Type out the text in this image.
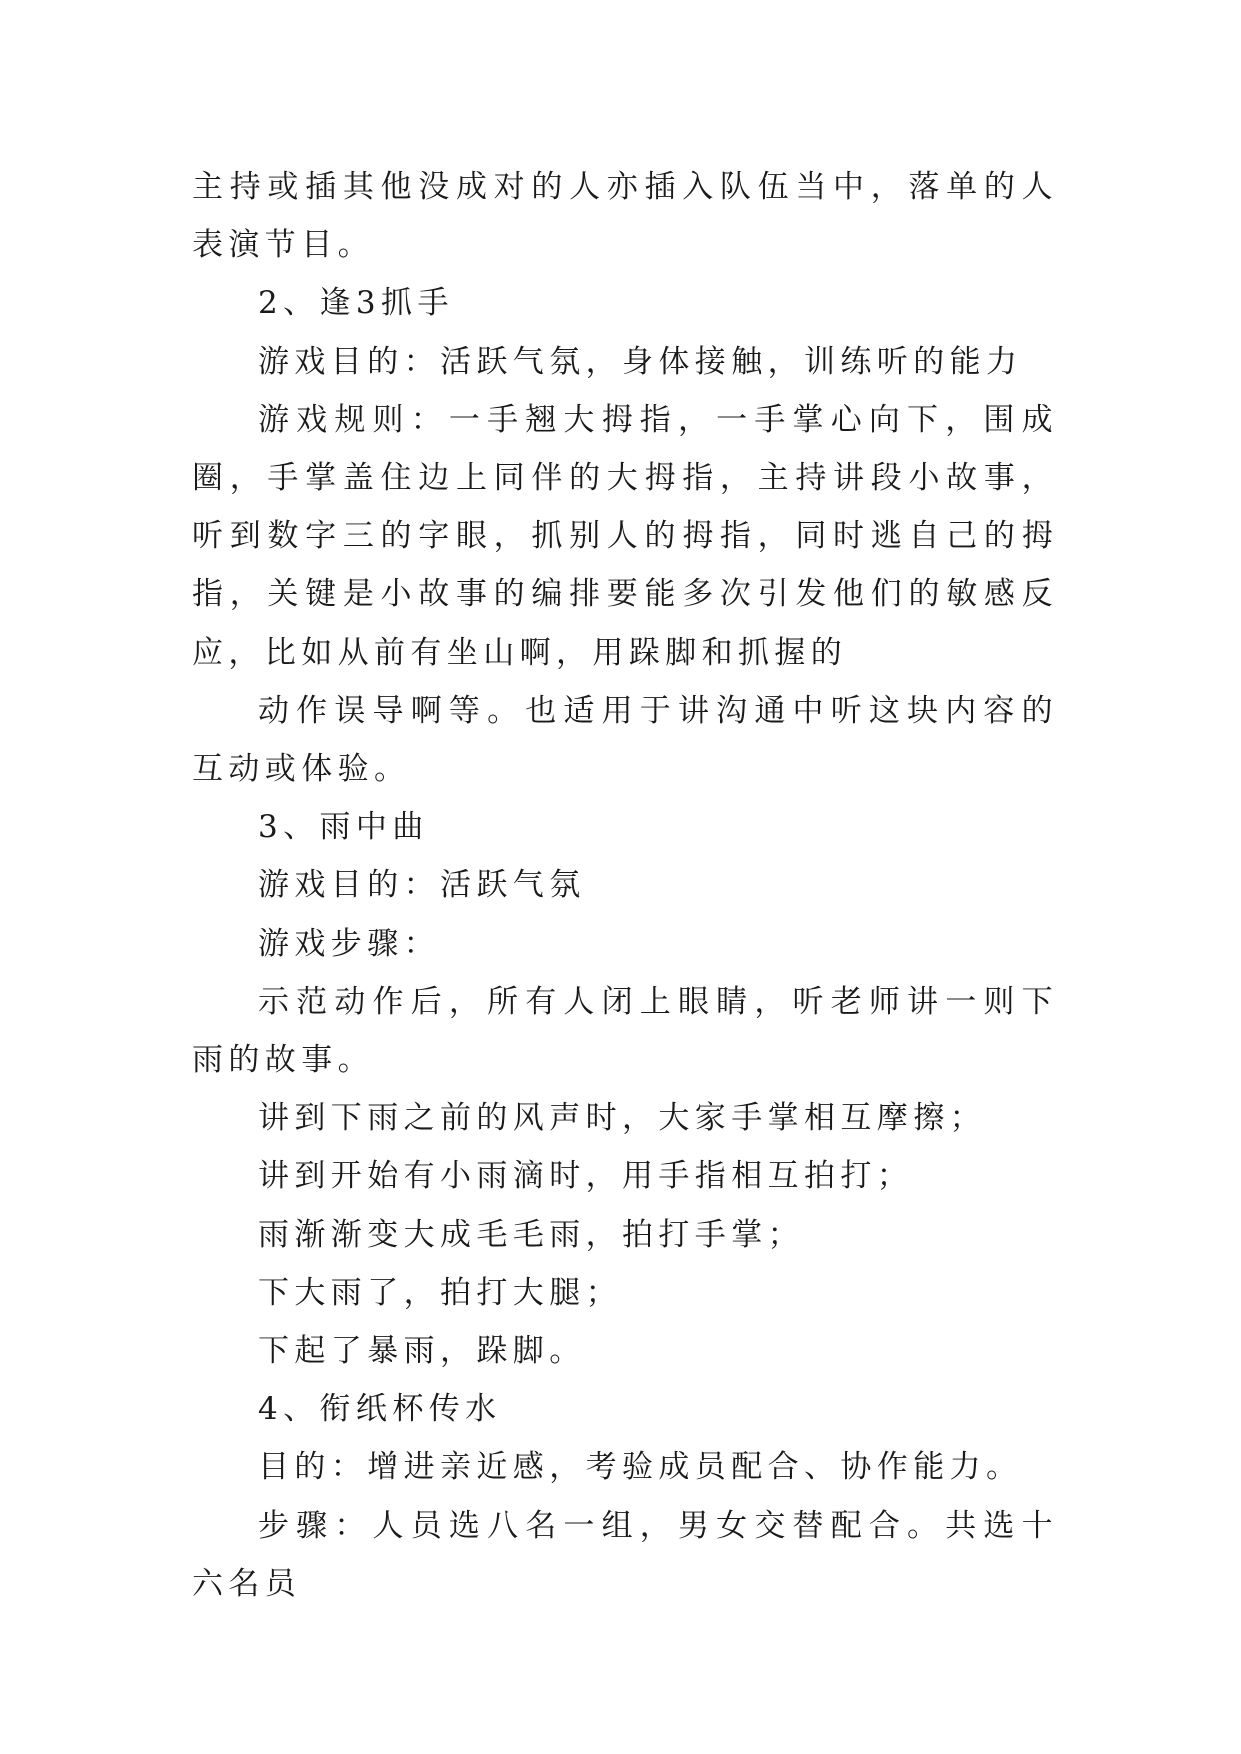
主持或插其他没成对的人亦插入队伍当中，落单的人表演节目。

2、逢3抓手

游戏目的：活跃气氛，身体接触，训练听的能力

游戏规则：一手翘大拇指，一手掌心向下，围成圈，手掌盖住边上同伴的大拇指，主持讲段小故事，听到数字三的字眼，抓别人的拇指，同时逃自己的拇指，关键是小故事的编排要能多次引发他们的敏感反应，比如从前有坐山啊，用跺脚和抓握的

动作误导啊等。也适用于讲沟通中听这块内容的互动或体验。

3、雨中曲

游戏目的：活跃气氛

游戏步骤：

示范动作后，所有人闭上眼睛，听老师讲一则下雨的故事。

讲到下雨之前的风声时，大家手掌相互摩擦；

讲到开始有小雨滴时，用手指相互拍打；

雨渐渐变大成毛毛雨，拍打手掌；

下大雨了，拍打大腿；

下起了暴雨，跺脚。

4、衔纸杯传水

目的：增进亲近感，考验成员配合、协作能力。

步骤：人员选八名一组，男女交替配合。共选十六名员
